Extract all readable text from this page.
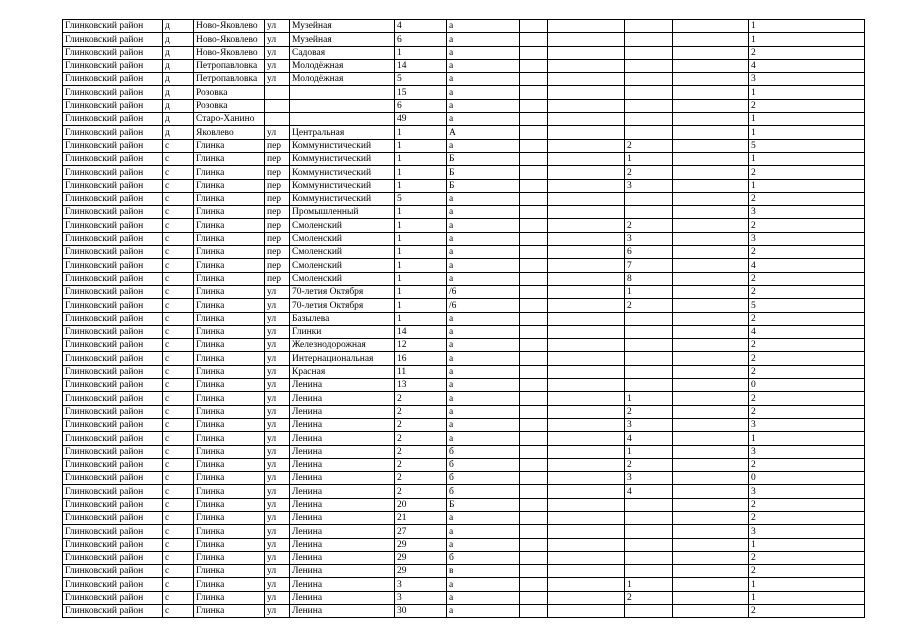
Глинковский район	д	Ново-Яковлево	ул	Музейная	4	а					1
Глинковский район	д	Ново-Яковлево	ул	Музейная	6	а					1
Глинковский район	д	Ново-Яковлево	ул	Садовая	1	а					2
Глинковский район	д	Петропавловка	ул	Молодёжная	14	а					4
Глинковский район	д	Петропавловка	ул	Молодёжная	5	а					3
Глинковский район	д	Розовка			15	а					1
Глинковский район	д	Розовка			6	а					2
Глинковский район	д	Старо-Ханино			49	а					1
Глинковский район	д	Яковлево	ул	Центральная	1	А					1
Глинковский район	с	Глинка	пер	Коммунистический	1	а			2		5
Глинковский район	с	Глинка	пер	Коммунистический	1	Б			1		1
Глинковский район	с	Глинка	пер	Коммунистический	1	Б			2		2
Глинковский район	с	Глинка	пер	Коммунистический	1	Б			3		1
Глинковский район	с	Глинка	пер	Коммунистический	5	а					2
Глинковский район	с	Глинка	пер	Промышленный	1	а					3
Глинковский район	с	Глинка	пер	Смоленский	1	а			2		2
Глинковский район	с	Глинка	пер	Смоленский	1	а			3		3
Глинковский район	с	Глинка	пер	Смоленский	1	а			6		2
Глинковский район	с	Глинка	пер	Смоленский	1	а			7		4
Глинковский район	с	Глинка	пер	Смоленский	1	а			8		2
Глинковский район	с	Глинка	ул	70-летия Октября	1	/6			1		2
Глинковский район	с	Глинка	ул	70-летия Октября	1	/6			2		5
Глинковский район	с	Глинка	ул	Базылева	1	а					2
Глинковский район	с	Глинка	ул	Глинки	14	а					4
Глинковский район	с	Глинка	ул	Железнодорожная	12	а					2
Глинковский район	с	Глинка	ул	Интернациональная	16	а					2
Глинковский район	с	Глинка	ул	Красная	11	а					2
Глинковский район	с	Глинка	ул	Ленина	13	а					0
Глинковский район	с	Глинка	ул	Ленина	2	а			1		2
Глинковский район	с	Глинка	ул	Ленина	2	а			2		2
Глинковский район	с	Глинка	ул	Ленина	2	а			3		3
Глинковский район	с	Глинка	ул	Ленина	2	а			4		1
Глинковский район	с	Глинка	ул	Ленина	2	б			1		3
Глинковский район	с	Глинка	ул	Ленина	2	б			2		2
Глинковский район	с	Глинка	ул	Ленина	2	б			3		0
Глинковский район	с	Глинка	ул	Ленина	2	б			4		3
Глинковский район	с	Глинка	ул	Ленина	20	Б					2
Глинковский район	с	Глинка	ул	Ленина	21	а					2
Глинковский район	с	Глинка	ул	Ленина	27	а					3
Глинковский район	с	Глинка	ул	Ленина	29	а					1
Глинковский район	с	Глинка	ул	Ленина	29	б					2
Глинковский район	с	Глинка	ул	Ленина	29	в					2
Глинковский район	с	Глинка	ул	Ленина	3	а			1		1
Глинковский район	с	Глинка	ул	Ленина	3	а			2		1
Глинковский район	с	Глинка	ул	Ленина	30	а					2
